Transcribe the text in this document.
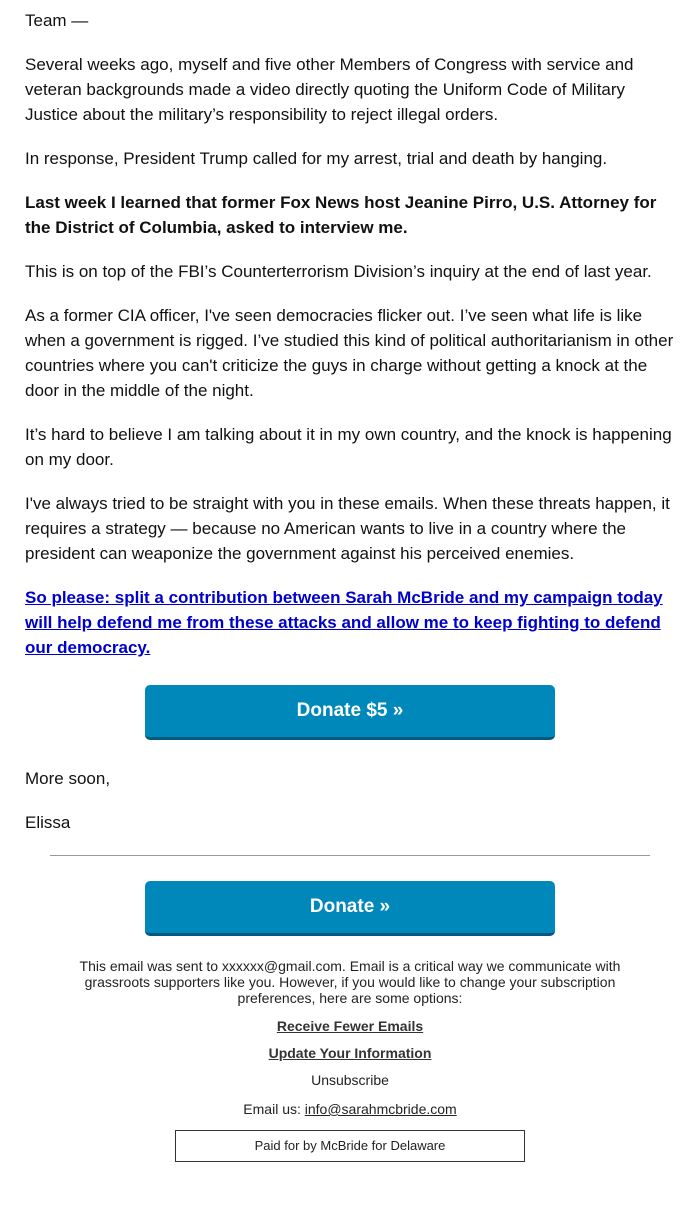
Team —

Several weeks ago, myself and five other Members of Congress with service and veteran backgrounds made a video directly quoting the Uniform Code of Military Justice about the military’s responsibility to reject illegal orders.

In response, President Trump called for my arrest, trial and death by hanging.

Last week I learned that former Fox News host Jeanine Pirro, U.S. Attorney for the District of Columbia, asked to interview me.

This is on top of the FBI’s Counterterrorism Division’s inquiry at the end of last year.

As a former CIA officer, I've seen democracies flicker out. I’ve seen what life is like when a government is rigged. I’ve studied this kind of political authoritarianism in other countries where you can't criticize the guys in charge without getting a knock at the door in the middle of the night.

It’s hard to believe I am talking about it in my own country, and the knock is happening on my door.

I've always tried to be straight with you in these emails. When these threats happen, it requires a strategy — because no American wants to live in a country where the president can weaponize the government against his perceived enemies.

So please: split a contribution between Sarah McBride and my campaign today will help defend me from these attacks and allow me to keep fighting to defend our democracy.

Donate $5 »

More soon,

Elissa

Donate »
This email was sent to xxxxxx@gmail.com. Email is a critical way we communicate with grassroots supporters like you. However, if you would like to change your subscription preferences, here are some options:
Receive Fewer Emails
Update Your Information
Unsubscribe
Email us: info@sarahmcbride.com
Paid for by McBride for Delaware
